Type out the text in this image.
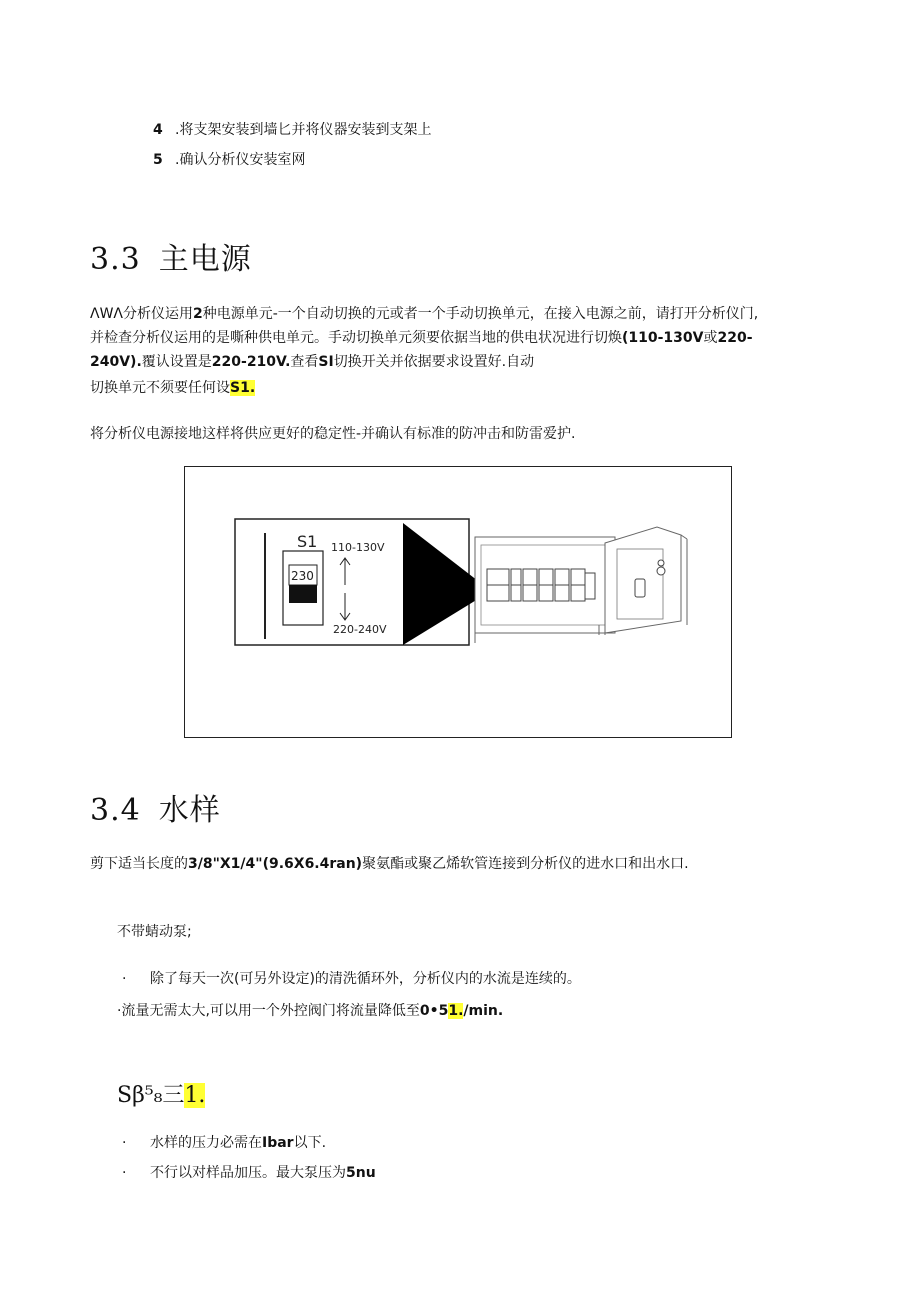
4 .将支架安装到墙匕并将仪器安装到支架上
5 .确认分析仪安装室网
3.3 主电源
ΛWΛ分析仪运用2种电源单元-一个自动切换的元或者一个手动切换单元，在接入电源之前，请打开分析仪门,
并检查分析仪运用的是嘶种供电单元。手动切换单元须要依据当地的供电状况进行切焕(110-130V或220-
240V).覆认设置是220-210V.查看SI切换开关并依据要求设置好.自动
切换单元不须要任何设S1.
将分析仪电源接地这样将供应更好的稳定性-并确认有标准的防冲击和防雷爱护.
S1
230
110-130V
220-240V
3.4 水样
剪下适当长度的3/8"X1/4"(9.6X6.4ran)聚氨酯或聚乙烯软管连接到分析仪的进水口和出水口.
不带蜻动泵;
· 除了每天一次(可另外设定)的清洗循环外，分析仪内的水流是连续的。
·流量无需太大,可以用一个外控阀门将流量降低至0•51./min.
Sβ⁵₈三1.
· 水样的压力必需在Ibar以下.
· 不行以对样品加压。最大泵压为5nu
